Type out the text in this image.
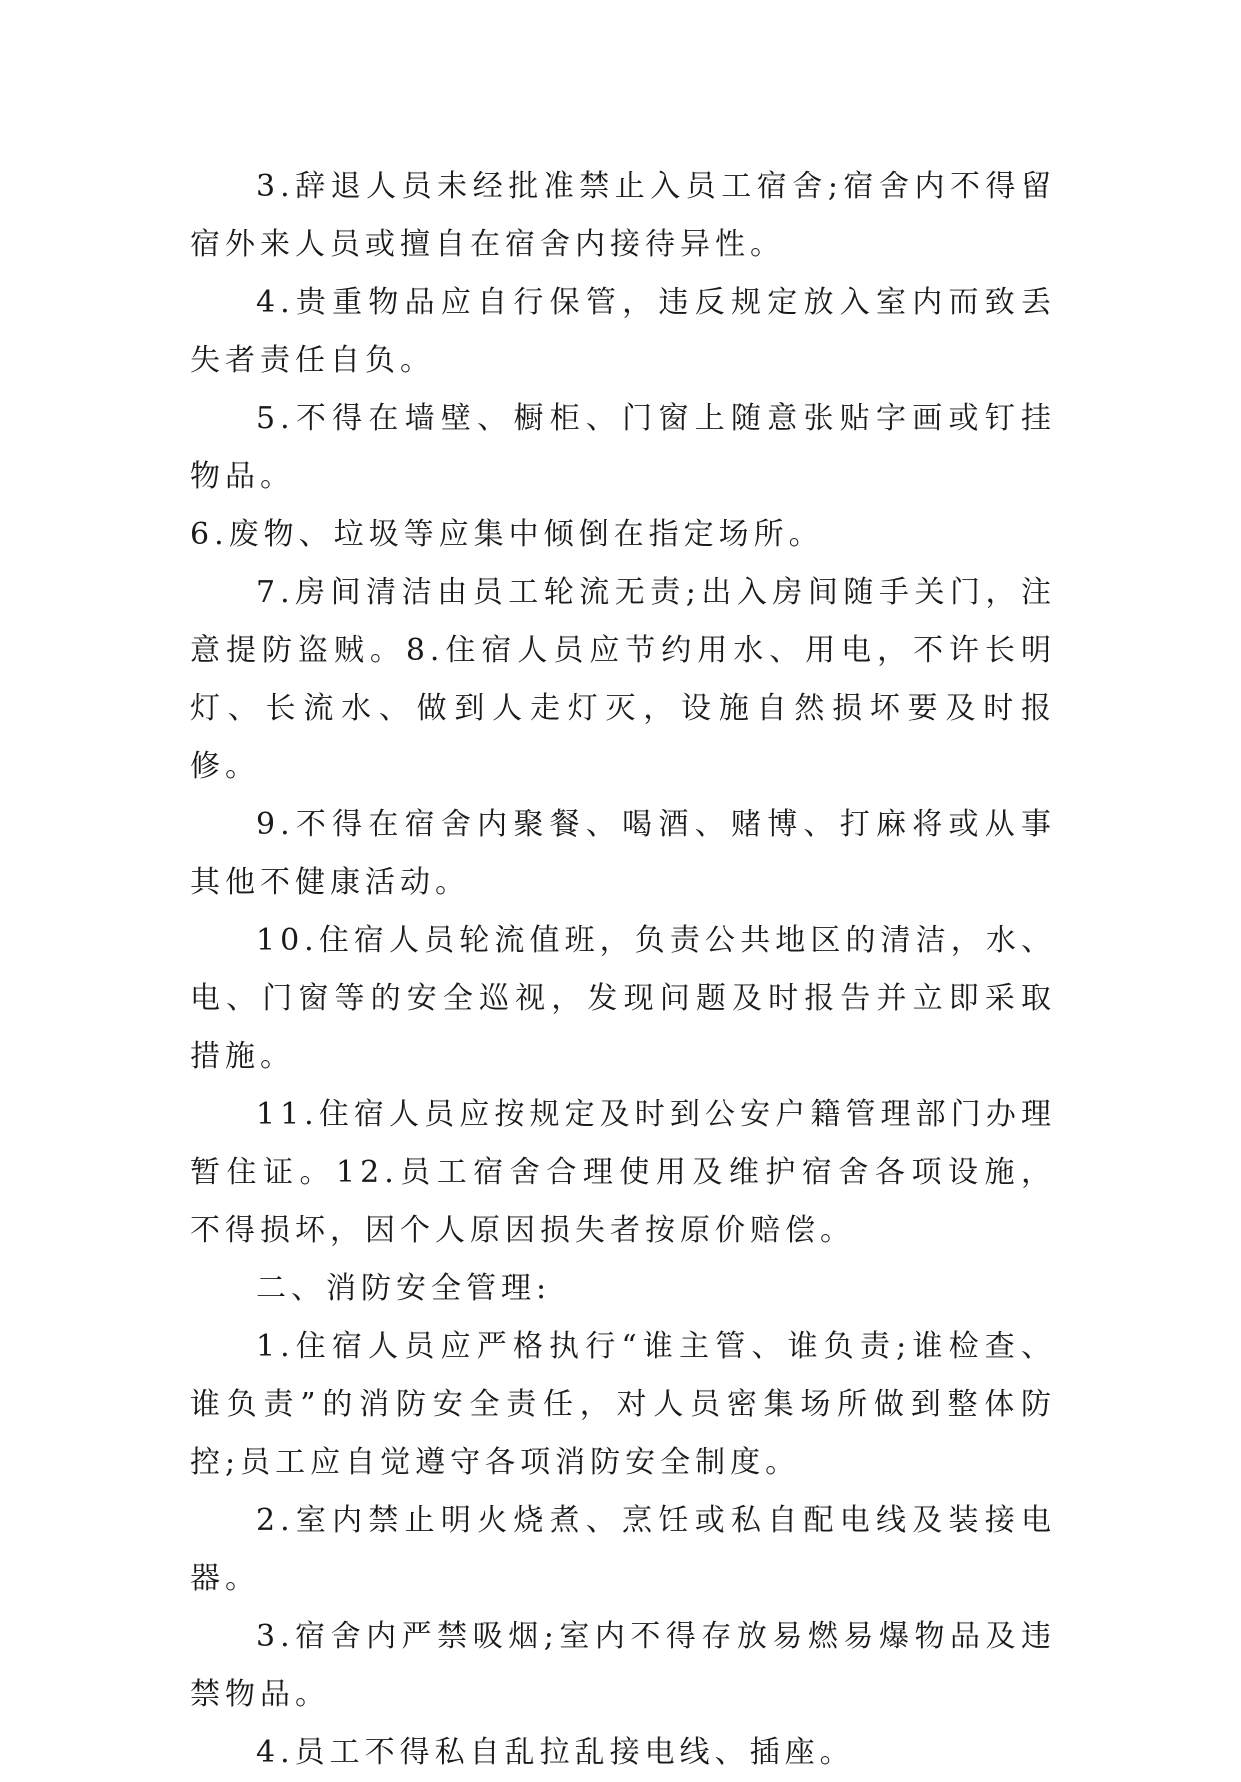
3.辞退人员未经批准禁止入员工宿舍;宿舍内不得留宿外来人员或擅自在宿舍内接待异性。

4.贵重物品应自行保管，违反规定放入室内而致丢失者责任自负。

5.不得在墙壁、橱柜、门窗上随意张贴字画或钉挂物品。

6.废物、垃圾等应集中倾倒在指定场所。

7.房间清洁由员工轮流无责;出入房间随手关门，注意提防盗贼。8.住宿人员应节约用水、用电，不许长明灯、长流水、做到人走灯灭，设施自然损坏要及时报修。

9.不得在宿舍内聚餐、喝酒、赌博、打麻将或从事其他不健康活动。

10.住宿人员轮流值班，负责公共地区的清洁，水、电、门窗等的安全巡视，发现问题及时报告并立即采取措施。

11.住宿人员应按规定及时到公安户籍管理部门办理暂住证。12.员工宿舍合理使用及维护宿舍各项设施，不得损坏，因个人原因损失者按原价赔偿。

二、消防安全管理:

1.住宿人员应严格执行“谁主管、谁负责;谁检查、谁负责”的消防安全责任，对人员密集场所做到整体防控;员工应自觉遵守各项消防安全制度。

2.室内禁止明火烧煮、烹饪或私自配电线及装接电器。

3.宿舍内严禁吸烟;室内不得存放易燃易爆物品及违禁物品。

4.员工不得私自乱拉乱接电线、插座。
